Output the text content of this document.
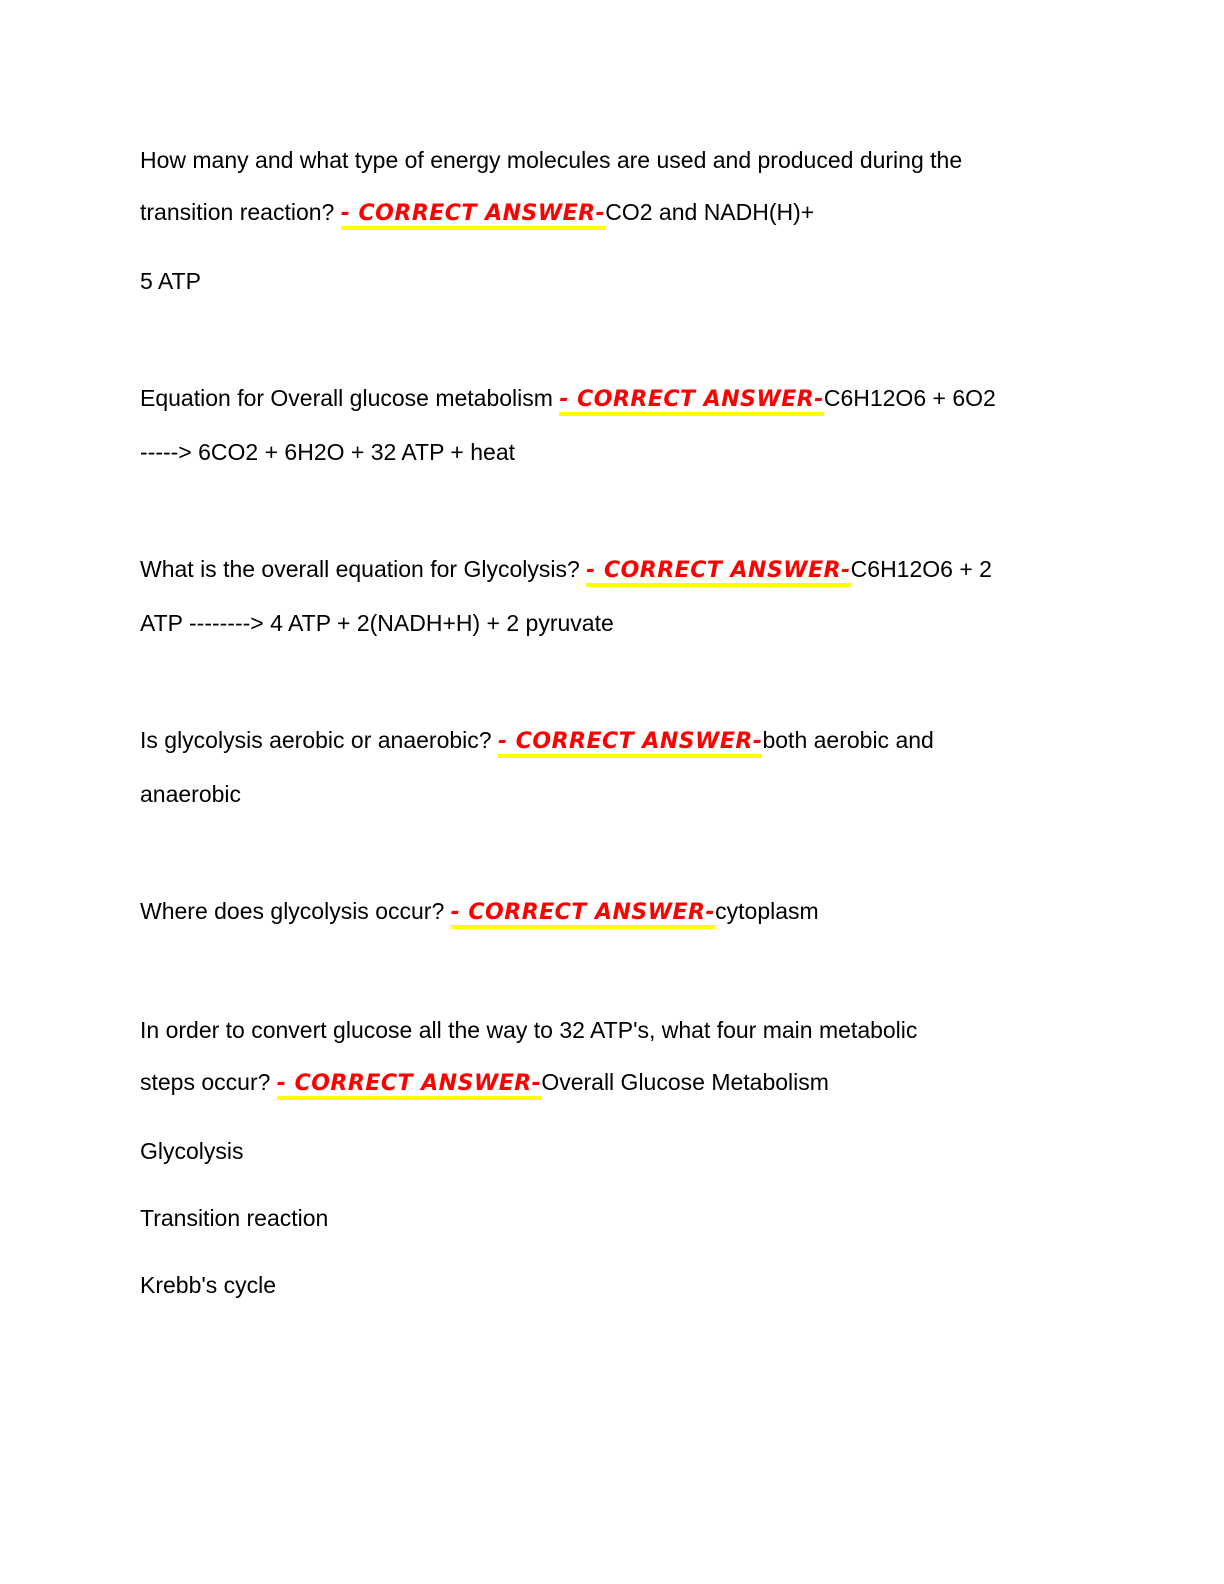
How many and what type of energy molecules are used and produced during the
transition reaction? - CORRECT ANSWER-CO2 and NADH(H)+
5 ATP
Equation for Overall glucose metabolism - CORRECT ANSWER-C6H12O6 + 6O2
-----> 6CO2 + 6H2O + 32 ATP + heat
What is the overall equation for Glycolysis? - CORRECT ANSWER-C6H12O6 + 2
ATP --------> 4 ATP + 2(NADH+H) + 2 pyruvate
Is glycolysis aerobic or anaerobic? - CORRECT ANSWER-both aerobic and
anaerobic
Where does glycolysis occur? - CORRECT ANSWER-cytoplasm
In order to convert glucose all the way to 32 ATP's, what four main metabolic
steps occur? - CORRECT ANSWER-Overall Glucose Metabolism
Glycolysis
Transition reaction
Krebb's cycle
